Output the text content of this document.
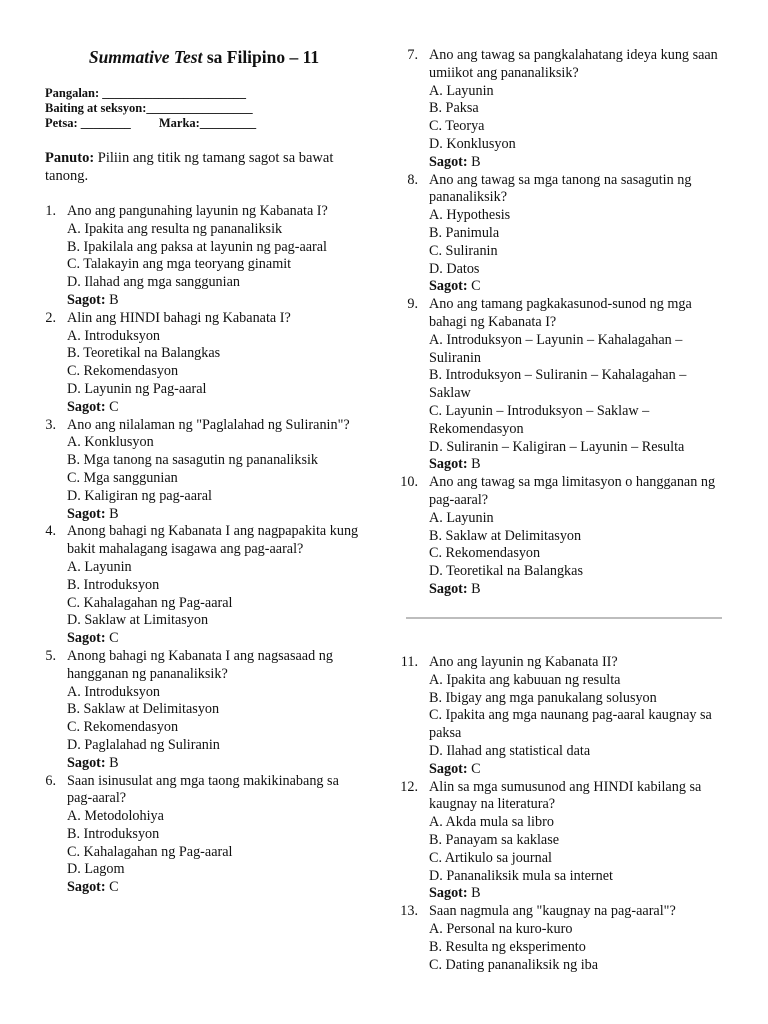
Summative Test sa Filipino – 11
Pangalan: _______________________
Baiting at seksyon:_________________
Petsa: ________         Marka:_________
Panuto: Piliin ang titik ng tamang sagot sa bawat tanong.
1. Ano ang pangunahing layunin ng Kabanata I?
A. Ipakita ang resulta ng pananaliksik
B. Ipakilala ang paksa at layunin ng pag-aaral
C. Talakayin ang mga teoryang ginamit
D. Ilahad ang mga sanggunian
Sagot: B
2. Alin ang HINDI bahagi ng Kabanata I?
A. Introduksyon
B. Teoretikal na Balangkas
C. Rekomendasyon
D. Layunin ng Pag-aaral
Sagot: C
3. Ano ang nilalaman ng "Paglalahad ng Suliranin"?
A. Konklusyon
B. Mga tanong na sasagutin ng pananaliksik
C. Mga sanggunian
D. Kaligiran ng pag-aaral
Sagot: B
4. Anong bahagi ng Kabanata I ang nagpapakita kung bakit mahalagang isagawa ang pag-aaral?
A. Layunin
B. Introduksyon
C. Kahalagahan ng Pag-aaral
D. Saklaw at Limitasyon
Sagot: C
5. Anong bahagi ng Kabanata I ang nagsasaad ng hangganan ng pananaliksik?
A. Introduksyon
B. Saklaw at Delimitasyon
C. Rekomendasyon
D. Paglalahad ng Suliranin
Sagot: B
6. Saan isinusulat ang mga taong makikinabang sa pag-aaral?
A. Metodolohiya
B. Introduksyon
C. Kahalagahan ng Pag-aaral
D. Lagom
Sagot: C
7. Ano ang tawag sa pangkalahatang ideya kung saan umiikot ang pananaliksik?
A. Layunin
B. Paksa
C. Teorya
D. Konklusyon
Sagot: B
8. Ano ang tawag sa mga tanong na sasagutin ng pananaliksik?
A. Hypothesis
B. Panimula
C. Suliranin
D. Datos
Sagot: C
9. Ano ang tamang pagkakasunod-sunod ng mga bahagi ng Kabanata I?
A. Introduksyon – Layunin – Kahalagahan – Suliranin
B. Introduksyon – Suliranin – Kahalagahan – Saklaw
C. Layunin – Introduksyon – Saklaw – Rekomendasyon
D. Suliranin – Kaligiran – Layunin – Resulta
Sagot: B
10. Ano ang tawag sa mga limitasyon o hangganan ng pag-aaral?
A. Layunin
B. Saklaw at Delimitasyon
C. Rekomendasyon
D. Teoretikal na Balangkas
Sagot: B
11. Ano ang layunin ng Kabanata II?
A. Ipakita ang kabuuan ng resulta
B. Ibigay ang mga panukalang solusyon
C. Ipakita ang mga naunang pag-aaral kaugnay sa paksa
D. Ilahad ang statistical data
Sagot: C
12. Alin sa mga sumusunod ang HINDI kabilang sa kaugnay na literatura?
A. Akda mula sa libro
B. Panayam sa kaklase
C. Artikulo sa journal
D. Pananaliksik mula sa internet
Sagot: B
13. Saan nagmula ang "kaugnay na pag-aaral"?
A. Personal na kuro-kuro
B. Resulta ng eksperimento
C. Dating pananaliksik ng iba
